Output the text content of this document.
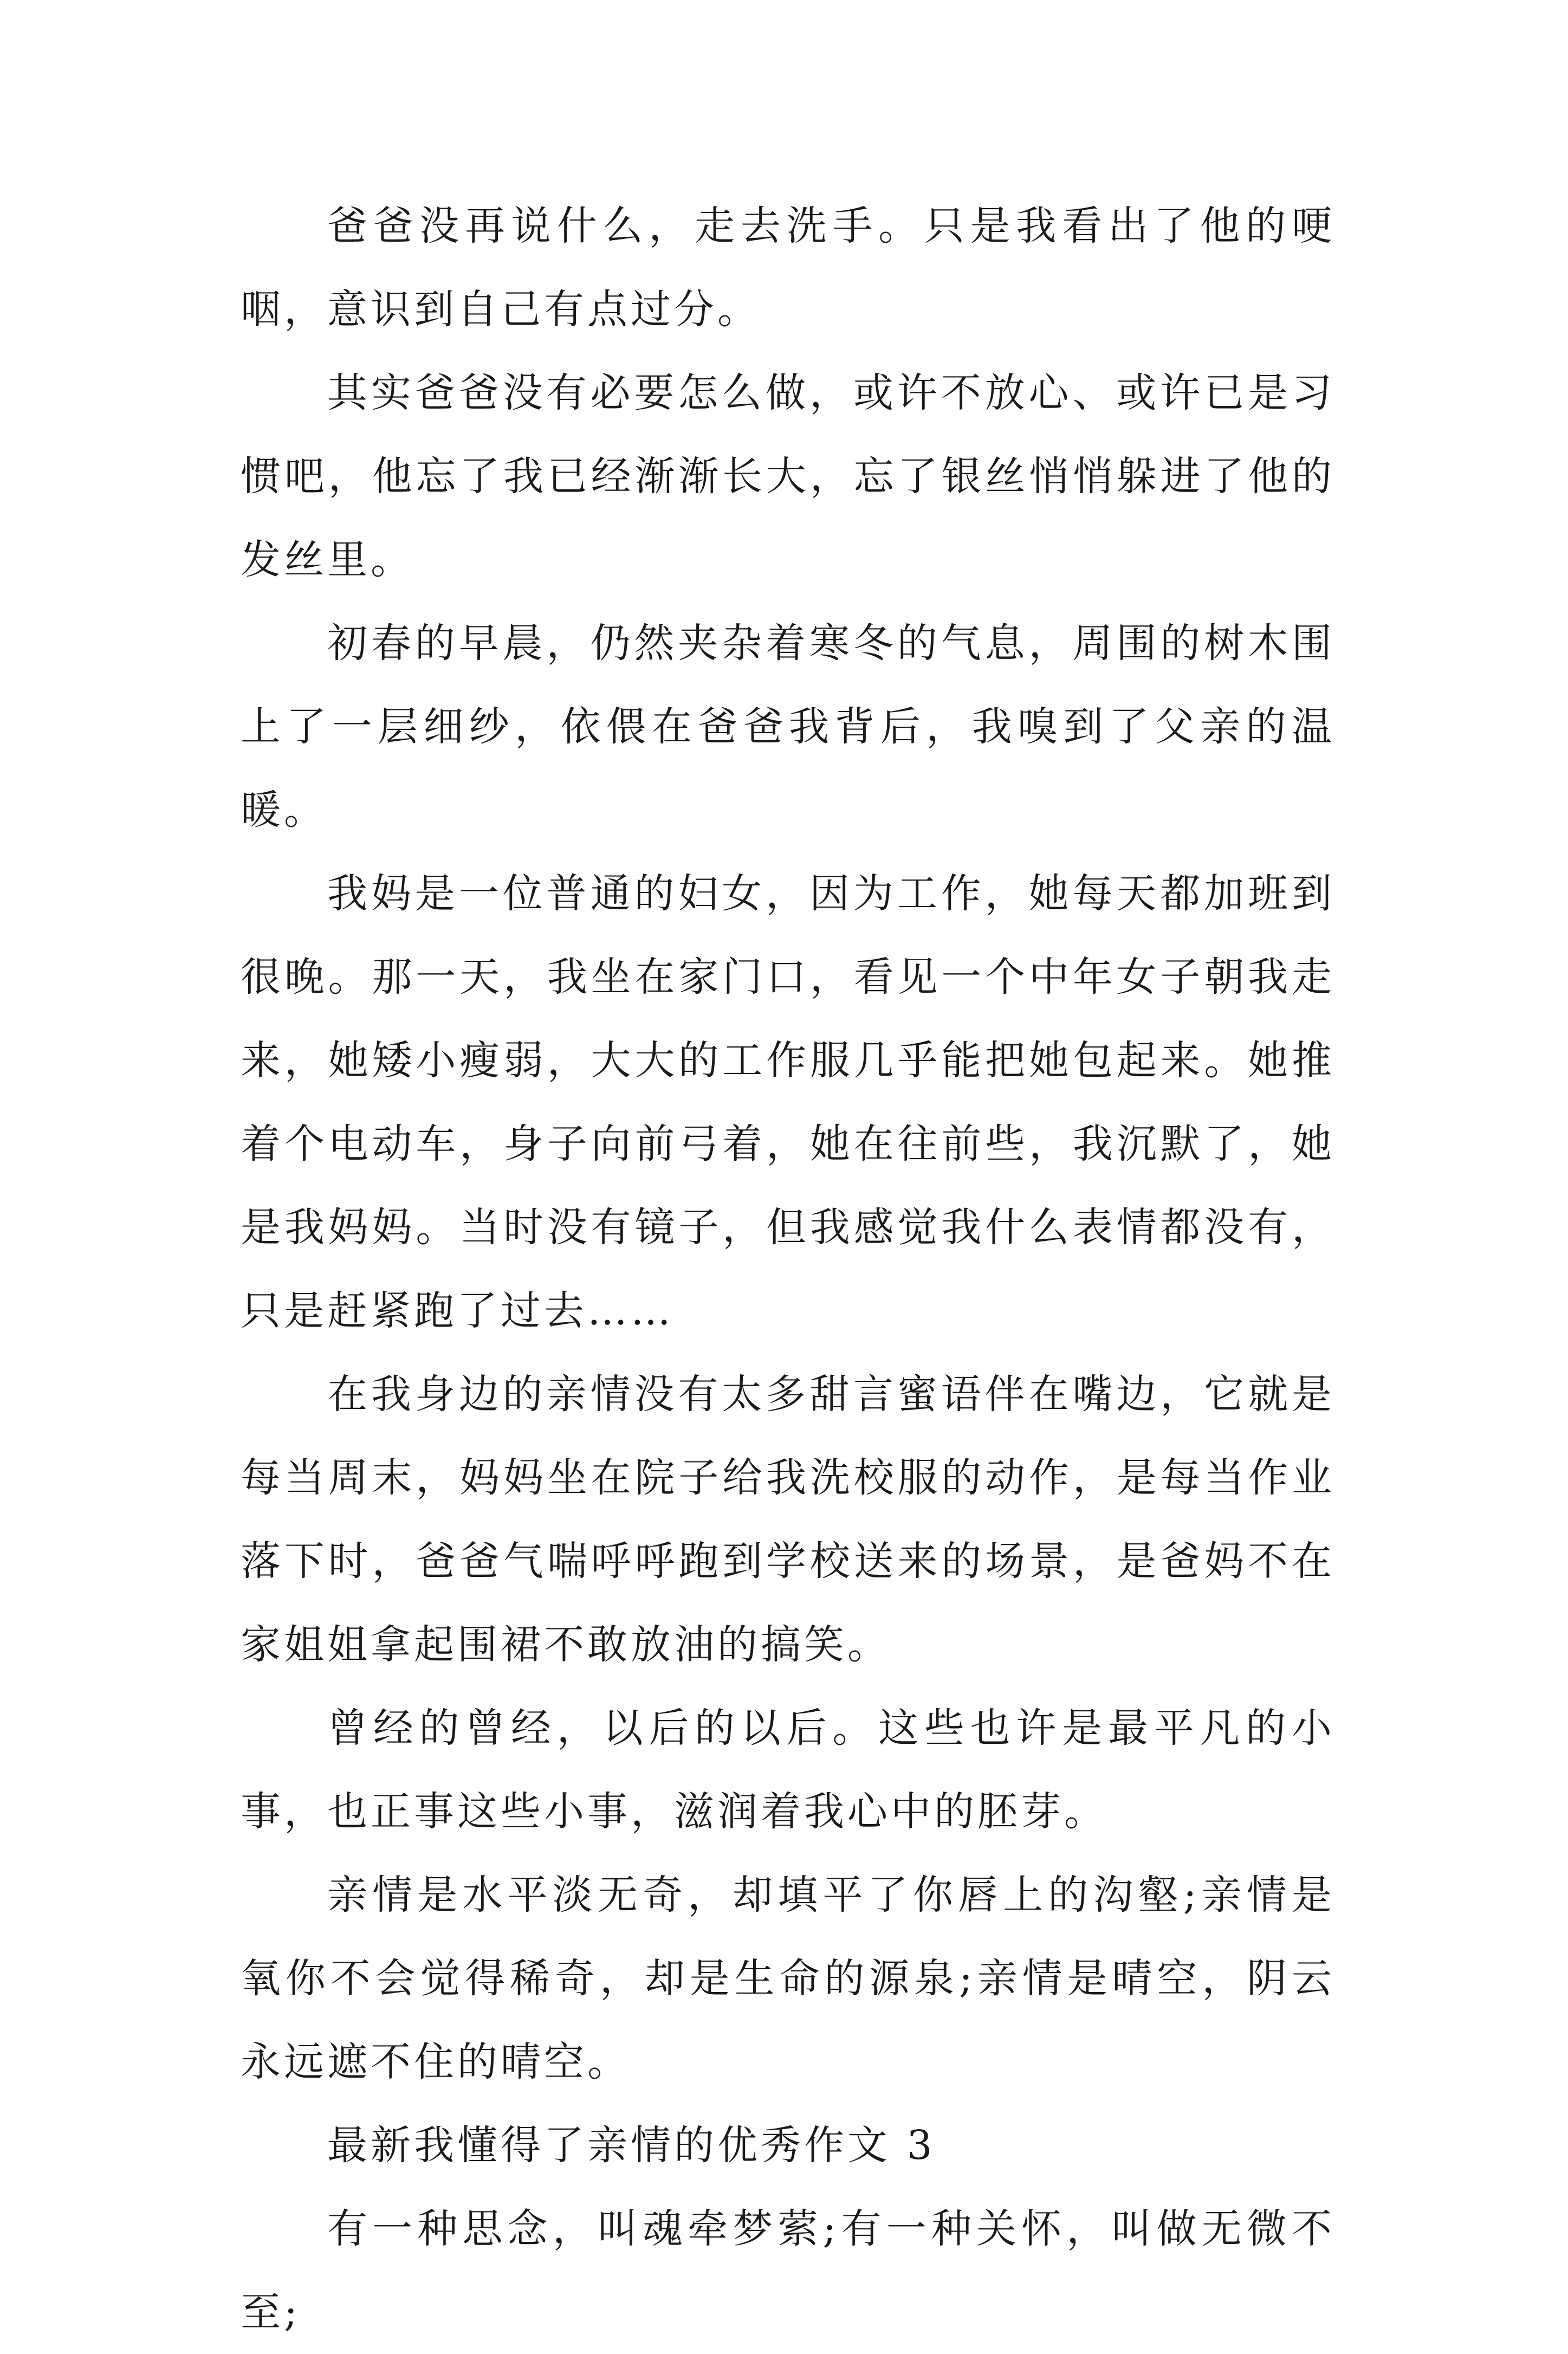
爸爸没再说什么，走去洗手。只是我看出了他的哽咽，意识到自己有点过分。

其实爸爸没有必要怎么做，或许不放心、或许已是习惯吧，他忘了我已经渐渐长大，忘了银丝悄悄躲进了他的发丝里。

初春的早晨，仍然夹杂着寒冬的气息，周围的树木围上了一层细纱，依偎在爸爸我背后，我嗅到了父亲的温暖。

我妈是一位普通的妇女，因为工作，她每天都加班到很晚。那一天，我坐在家门口，看见一个中年女子朝我走来，她矮小瘦弱，大大的工作服几乎能把她包起来。她推着个电动车，身子向前弓着，她在往前些，我沉默了，她是我妈妈。当时没有镜子，但我感觉我什么表情都没有，只是赶紧跑了过去……

在我身边的亲情没有太多甜言蜜语伴在嘴边，它就是每当周末，妈妈坐在院子给我洗校服的动作，是每当作业落下时，爸爸气喘呼呼跑到学校送来的场景，是爸妈不在家姐姐拿起围裙不敢放油的搞笑。

曾经的曾经，以后的以后。这些也许是最平凡的小事，也正事这些小事，滋润着我心中的胚芽。

亲情是水平淡无奇，却填平了你唇上的沟壑;亲情是氧你不会觉得稀奇，却是生命的源泉;亲情是晴空，阴云永远遮不住的晴空。

最新我懂得了亲情的优秀作文 3

有一种思念，叫魂牵梦萦;有一种关怀，叫做无微不至;
